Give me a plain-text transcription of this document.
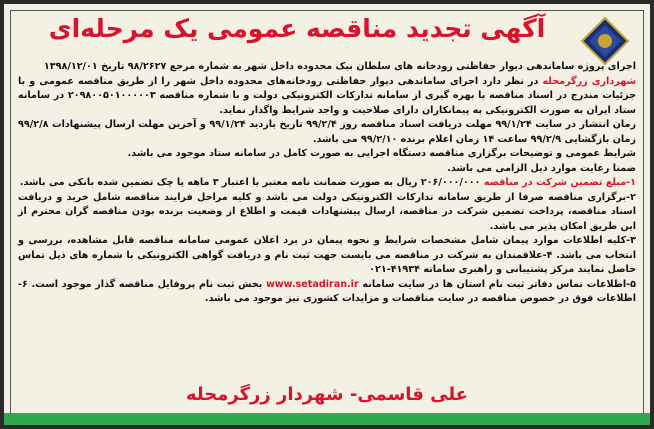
آگهی تجدید مناقصه عمومی یک مرحله‌ای

اجرای پروژه ساماندهی دیوار حفاظتی رودخانه های سلطان بیک محدوده داخل شهر به شماره مرجع ۹۸/۲۶۲۷ تاریخ ۱۳۹۸/۱۲/۰۱

شهرداری زرگرمحله در نظر دارد اجرای ساماندهی دیوار حفاظتی رودخانه‌های محدوده داخل شهر را از طریق مناقصه عمومی و با جزئیات مندرج در اسناد مناقصه با بهره گیری از سامانه تدارکات الکترونیکی دولت و با شماره مناقصه ۲۰۹۸۰۰۵۰۱۰۰۰۰۰۳ در سامانه ستاد ایران به صورت الکترونیکی به پیمانکاران دارای صلاحیت و واجد شرایط واگذار نماید.

زمان انتشار در سایت ۹۹/۱/۲۴ مهلت دریافت اسناد مناقصه روز ۹۹/۲/۴ تاریخ بازدید ۹۹/۱/۲۴ و آخرین مهلت ارسال پیشنهادات ۹۹/۲/۸ زمان بازگشایی ۹۹/۲/۹ ساعت ۱۴ زمان اعلام برنده ۹۹/۲/۱۰ می باشد.

شرایط عمومی و توضیحات برگزاری مناقصه دستگاه اجرایی به صورت کامل در سامانه ستاد موجود می باشد.

ضمنا رعایت موارد ذیل الزامی می باشد.

۱-مبلغ تضمین شرکت در مناقصه ۲۰۶/۰۰۰/۰۰۰ ریال به صورت ضمانت نامه معتبر با اعتبار ۳ ماهه یا چک تضمین شده بانکی می باشد.

۲-برگزاری مناقصه صرفا از طریق سامانه تدارکات الکترونیکی دولت می باشد و کلیه مراحل فرایند مناقصه شامل خرید و دریافت اسناد مناقصه، پرداخت تضمین شرکت در مناقصه، ارسال پیشنهادات قیمت و اطلاع از وضعیت برنده بودن مناقصه گران محترم از این طریق امکان پذیر می باشد.

۳-کلیه اطلاعات موارد پیمان شامل مشخصات شرایط و نحوه پیمان در برد اعلان عمومی سامانه مناقصه قابل مشاهده، بررسی و انتخاب می باشد. ۴-علاقمندان به شرکت در مناقصه می بایست جهت ثبت نام و دریافت گواهی الکترونیکی با شماره های ذیل تماس حاصل نمایند مرکز پشتیبانی و راهبری سامانه ۴۱۹۳۴-۰۲۱

۵-اطلاعات تماس دفاتر ثبت نام استان ها در سایت سامانه www.setadiran.ir بخش ثبت نام پروفایل مناقصه گذار موجود است. ۶-اطلاعات فوق در خصوص مناقصه در سایت مناقصات و مزایدات کشوری نیز موجود می باشد.

علی قاسمی- شهردار زرگرمحله
